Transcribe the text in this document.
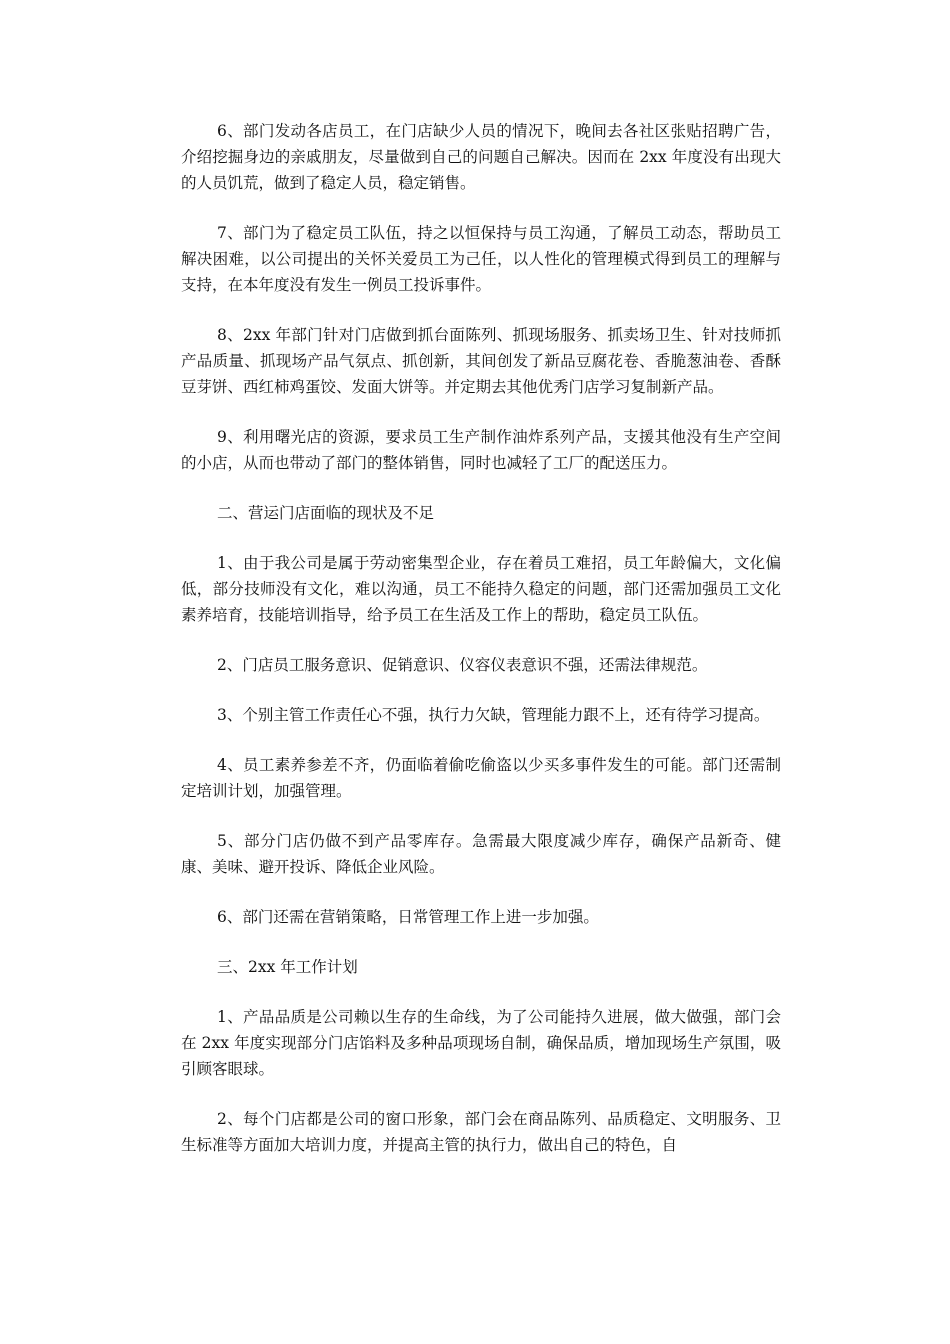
6、部门发动各店员工，在门店缺少人员的情况下，晚间去各社区张贴招聘广告，介绍挖掘身边的亲戚朋友，尽量做到自己的问题自己解决。因而在 2xx 年度没有出现大的人员饥荒，做到了稳定人员，稳定销售。

7、部门为了稳定员工队伍，持之以恒保持与员工沟通，了解员工动态，帮助员工解决困难，以公司提出的关怀关爱员工为己任，以人性化的管理模式得到员工的理解与支持，在本年度没有发生一例员工投诉事件。

8、2xx 年部门针对门店做到抓台面陈列、抓现场服务、抓卖场卫生、针对技师抓产品质量、抓现场产品气氛点、抓创新，其间创发了新品豆腐花卷、香脆葱油卷、香酥豆芽饼、西红柿鸡蛋饺、发面大饼等。并定期去其他优秀门店学习复制新产品。

9、利用曙光店的资源，要求员工生产制作油炸系列产品，支援其他没有生产空间的小店，从而也带动了部门的整体销售，同时也减轻了工厂的配送压力。

二、营运门店面临的现状及不足

1、由于我公司是属于劳动密集型企业，存在着员工难招，员工年龄偏大，文化偏低，部分技师没有文化，难以沟通，员工不能持久稳定的问题，部门还需加强员工文化素养培育，技能培训指导，给予员工在生活及工作上的帮助，稳定员工队伍。

2、门店员工服务意识、促销意识、仪容仪表意识不强，还需法律规范。

3、个别主管工作责任心不强，执行力欠缺，管理能力跟不上，还有待学习提高。

4、员工素养参差不齐，仍面临着偷吃偷盗以少买多事件发生的可能。部门还需制定培训计划，加强管理。

5、部分门店仍做不到产品零库存。急需最大限度减少库存，确保产品新奇、健康、美味、避开投诉、降低企业风险。

6、部门还需在营销策略，日常管理工作上进一步加强。

三、2xx 年工作计划

1、产品品质是公司赖以生存的生命线，为了公司能持久进展，做大做强，部门会在 2xx 年度实现部分门店馅料及多种品项现场自制，确保品质，增加现场生产氛围，吸引顾客眼球。

2、每个门店都是公司的窗口形象，部门会在商品陈列、品质稳定、文明服务、卫生标准等方面加大培训力度，并提高主管的执行力，做出自己的特色，自
